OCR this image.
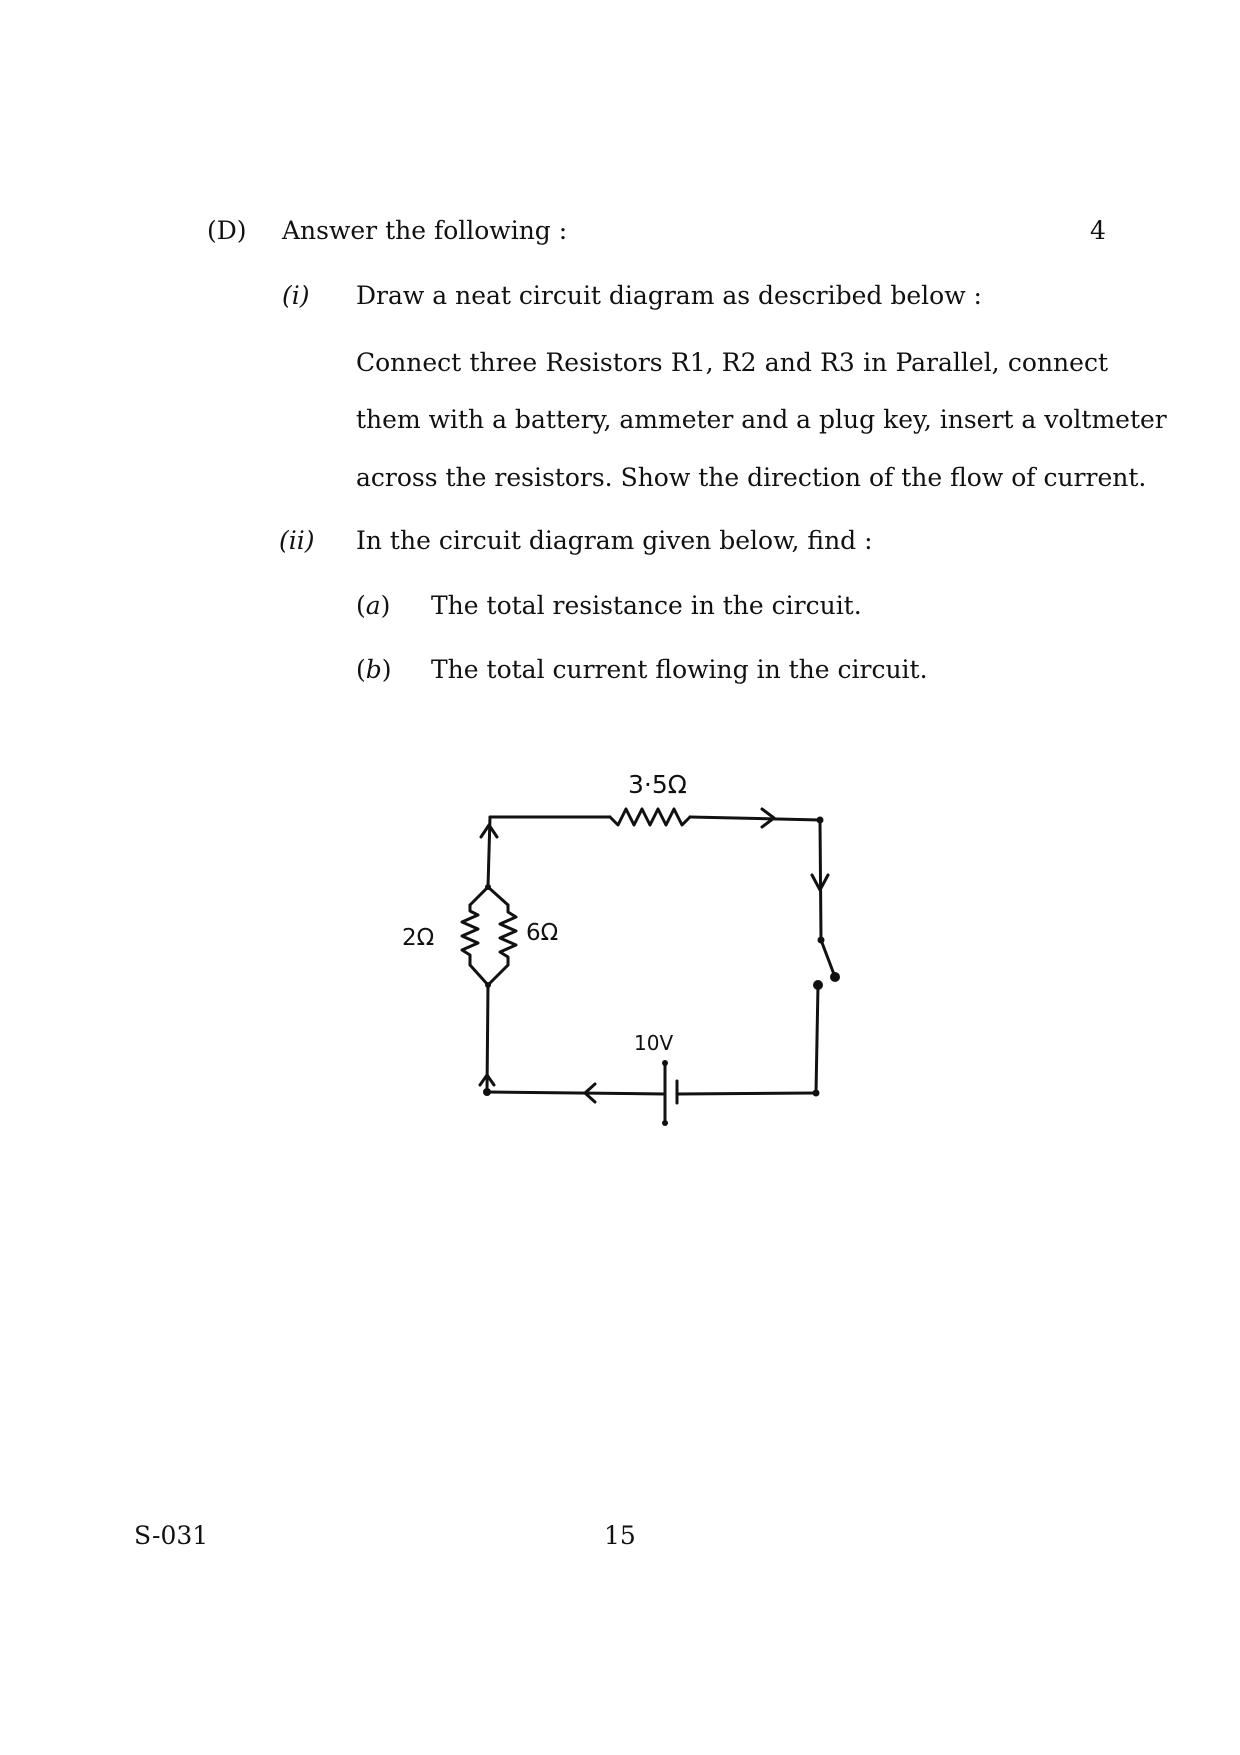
(D) Answer the following :	4
(i) Draw a neat circuit diagram as described below :
Connect three Resistors R1, R2 and R3 in Parallel, connect
them with a battery, ammeter and a plug key, insert a voltmeter
across the resistors. Show the direction of the flow of current.
(ii) In the circuit diagram given below, find :
(a) The total resistance in the circuit.
(b) The total current flowing in the circuit.
3·5Ω
2Ω	6Ω
10V
S-031	15
